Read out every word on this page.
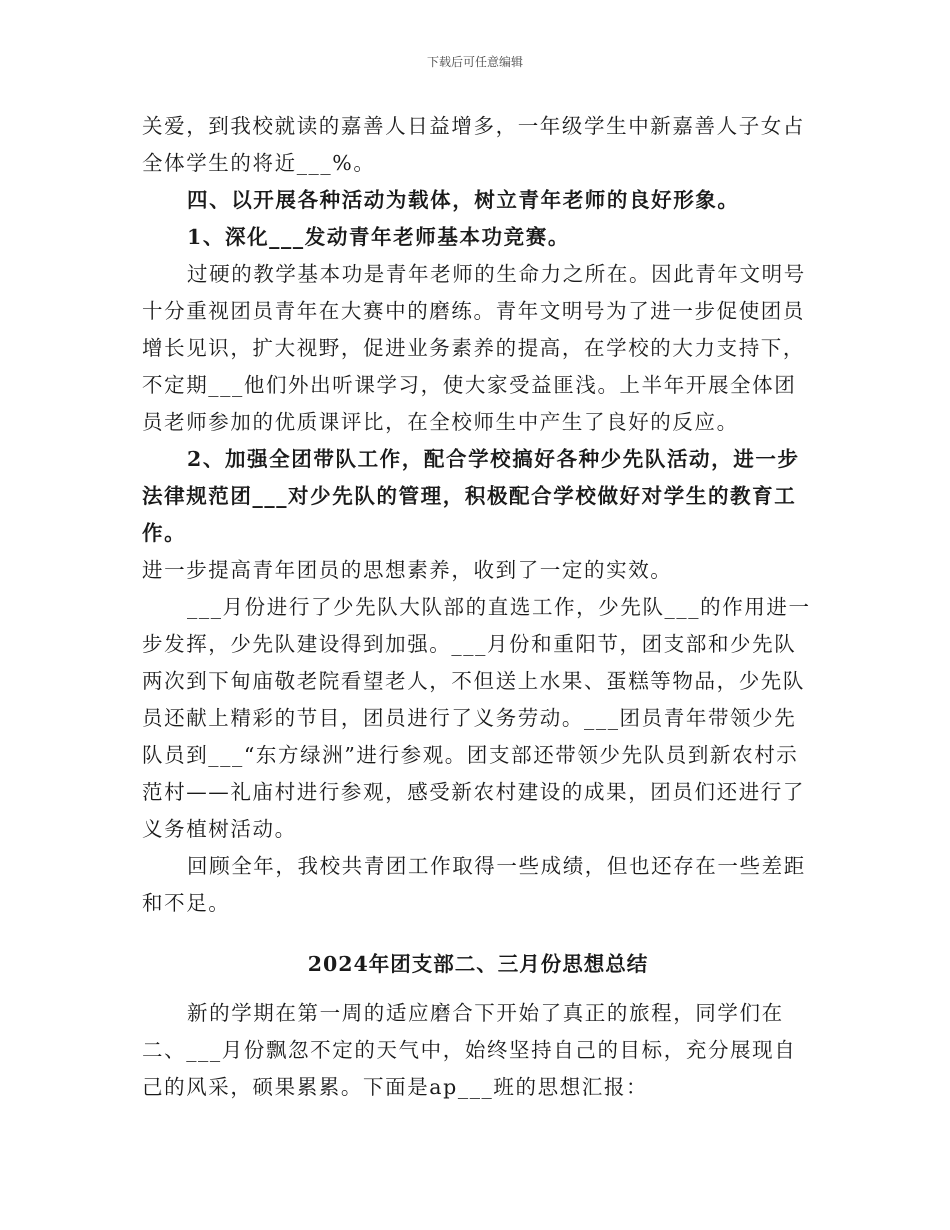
下载后可任意编辑

关爱，到我校就读的嘉善人日益增多，一年级学生中新嘉善人子女占全体学生的将近___%。

四、以开展各种活动为载体，树立青年老师的良好形象。

1、深化___发动青年老师基本功竞赛。

过硬的教学基本功是青年老师的生命力之所在。因此青年文明号十分重视团员青年在大赛中的磨练。青年文明号为了进一步促使团员增长见识，扩大视野，促进业务素养的提高，在学校的大力支持下，不定期___他们外出听课学习，使大家受益匪浅。上半年开展全体团员老师参加的优质课评比，在全校师生中产生了良好的反应。

2、加强全团带队工作，配合学校搞好各种少先队活动，进一步法律规范团___对少先队的管理，积极配合学校做好对学生的教育工作。

进一步提高青年团员的思想素养，收到了一定的实效。

___月份进行了少先队大队部的直选工作，少先队___的作用进一步发挥，少先队建设得到加强。___月份和重阳节，团支部和少先队两次到下甸庙敬老院看望老人，不但送上水果、蛋糕等物品，少先队员还献上精彩的节目，团员进行了义务劳动。___团员青年带领少先队员到___“东方绿洲”进行参观。团支部还带领少先队员到新农村示范村——礼庙村进行参观，感受新农村建设的成果，团员们还进行了义务植树活动。

回顾全年，我校共青团工作取得一些成绩，但也还存在一些差距和不足。

2024年团支部二、三月份思想总结

新的学期在第一周的适应磨合下开始了真正的旅程，同学们在二、___月份飘忽不定的天气中，始终坚持自己的目标，充分展现自己的风采，硕果累累。下面是ap___班的思想汇报：
